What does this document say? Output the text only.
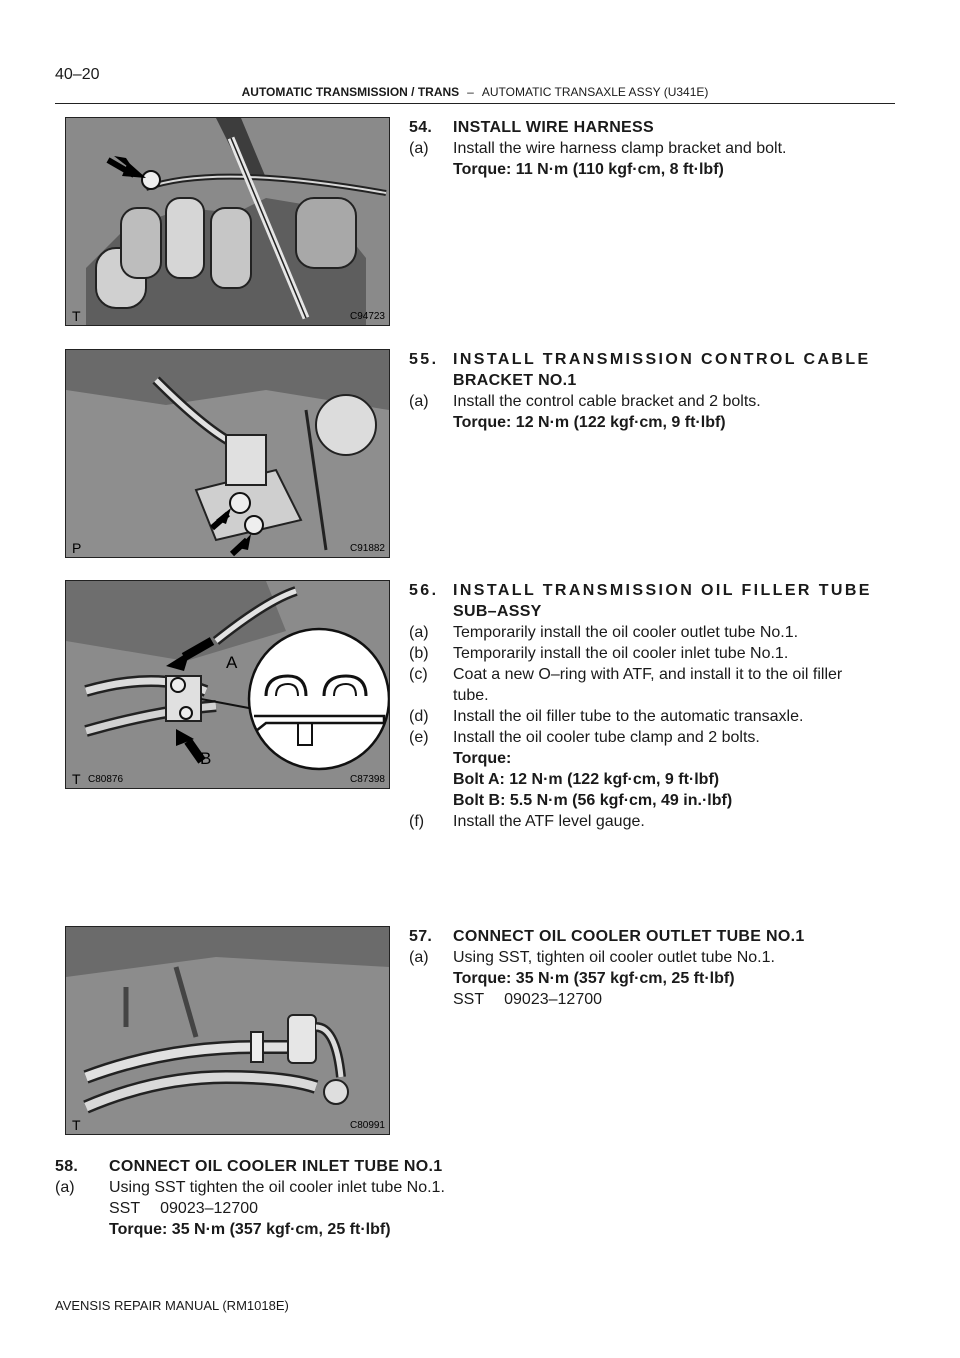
40–20
AUTOMATIC TRANSMISSION / TRANS – AUTOMATIC TRANSAXLE ASSY (U341E)
T	C94723
P	C91882
A
B
T C80876	C87398
T	C80991
54. INSTALL WIRE HARNESS
(a) Install the wire harness clamp bracket and bolt.
Torque: 11 N·m (110 kgf·cm, 8 ft·lbf)
55. INSTALL TRANSMISSION CONTROL CABLE
BRACKET NO.1
(a) Install the control cable bracket and 2 bolts.
Torque: 12 N·m (122 kgf·cm, 9 ft·lbf)
56. INSTALL TRANSMISSION OIL FILLER TUBE
SUB–ASSY
(a) Temporarily install the oil cooler outlet tube No.1.
(b) Temporarily install the oil cooler inlet tube No.1.
(c) Coat a new O–ring with ATF, and install it to the oil filler
tube.
(d) Install the oil filler tube to the automatic transaxle.
(e) Install the oil cooler tube clamp and 2 bolts.
Torque:
Bolt A: 12 N·m (122 kgf·cm, 9 ft·lbf)
Bolt B: 5.5 N·m (56 kgf·cm, 49 in.·lbf)
(f) Install the ATF level gauge.
57. CONNECT OIL COOLER OUTLET TUBE NO.1
(a) Using SST, tighten oil cooler outlet tube No.1.
Torque: 35 N·m (357 kgf·cm, 25 ft·lbf)
SST 09023–12700
58. CONNECT OIL COOLER INLET TUBE NO.1
(a) Using SST tighten the oil cooler inlet tube No.1.
SST 09023–12700
Torque: 35 N·m (357 kgf·cm, 25 ft·lbf)
AVENSIS REPAIR MANUAL (RM1018E)
